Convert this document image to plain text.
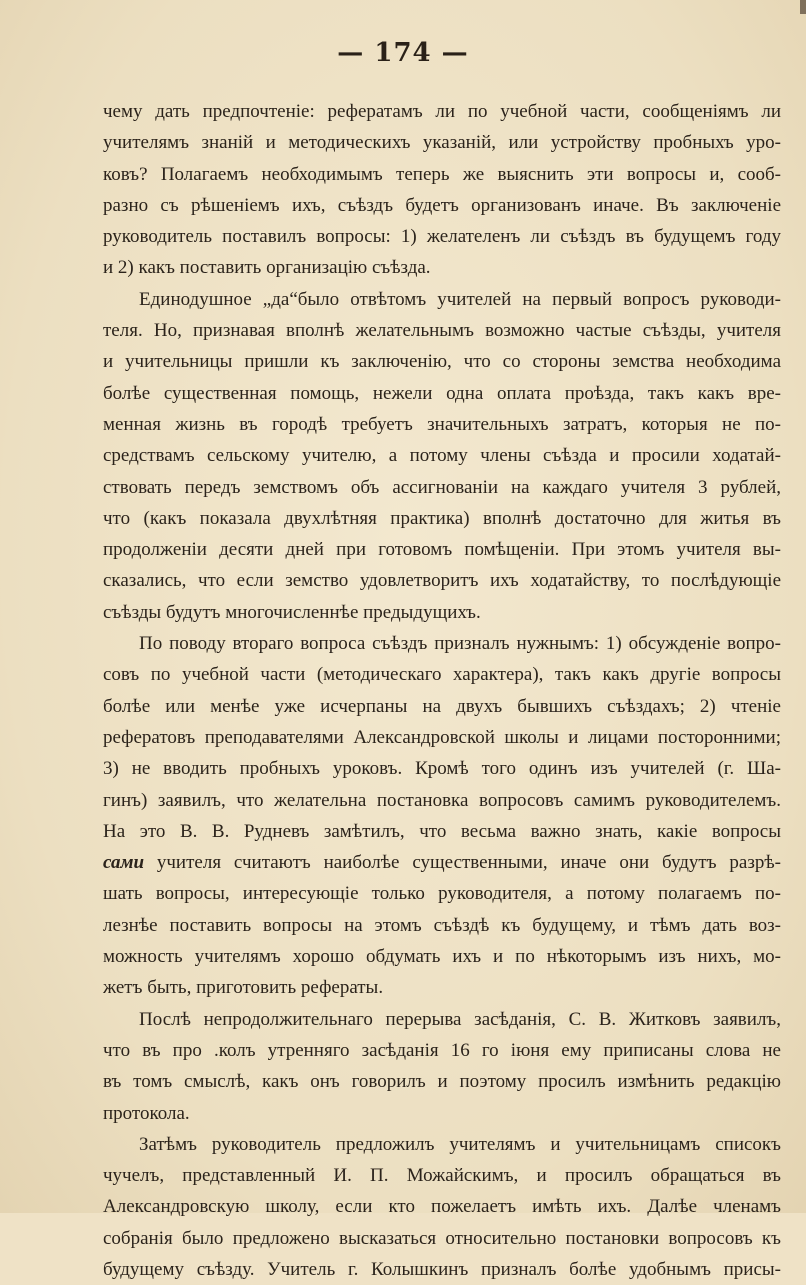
— 174 —
чему дать предпочтеніе: рефератамъ ли по учебной части, сообщеніямъ ли
учителямъ знаній и методическихъ указаній, или устройству пробныхъ уро-
ковъ? Полагаемъ необходимымъ теперь же выяснить эти вопросы и, сооб-
разно съ рѣшеніемъ ихъ, съѣздъ будетъ организованъ иначе. Въ заключеніе
руководитель поставилъ вопросы: 1) желателенъ ли съѣздъ въ будущемъ году
и 2) какъ поставить организацію съѣзда.
Единодушное „да“было отвѣтомъ учителей на первый вопросъ руководи-
теля. Но, признавая вполнѣ желательнымъ возможно частые съѣзды, учителя
и учительницы пришли къ заключенію, что со стороны земства необходима
болѣе существенная помощь, нежели одна оплата проѣзда, такъ какъ вре-
менная жизнь въ городѣ требуетъ значительныхъ затратъ, которыя не по-
средствамъ сельскому учителю, а потому члены съѣзда и просили ходатай-
ствовать передъ земствомъ объ ассигнованіи на каждаго учителя 3 рублей,
что (какъ показала двухлѣтняя практика) вполнѣ достаточно для житья въ
продолженіи десяти дней при готовомъ помѣщеніи. При этомъ учителя вы-
сказались, что если земство удовлетворитъ ихъ ходатайству, то послѣдующіе
съѣзды будутъ многочисленнѣе предыдущихъ.
По поводу втораго вопроса съѣздъ призналъ нужнымъ: 1) обсужденіе вопро-
совъ по учебной части (методическаго характера), такъ какъ другіе вопросы
болѣе или менѣе уже исчерпаны на двухъ бывшихъ съѣздахъ; 2) чтеніе
рефератовъ преподавателями Александровской школы и лицами посторонними;
3) не вводить пробныхъ уроковъ. Кромѣ того одинъ изъ учителей (г. Ша-
гинъ) заявилъ, что желательна постановка вопросовъ самимъ руководителемъ.
На это В. В. Рудневъ замѣтилъ, что весьма важно знать, какіе вопросы
сами учителя считаютъ наиболѣе существенными, иначе они будутъ разрѣ-
шать вопросы, интересующіе только руководителя, а потому полагаемъ по-
лезнѣе поставить вопросы на этомъ съѣздѣ къ будущему, и тѣмъ дать воз-
можность учителямъ хорошо обдумать ихъ и по нѣкоторымъ изъ нихъ, мо-
жетъ быть, приготовить рефераты.
Послѣ непродолжительнаго перерыва засѣданія, С. В. Житковъ заявилъ,
что въ про .колъ утренняго засѣданія 16 го іюня ему приписаны слова не
въ томъ смыслѣ, какъ онъ говорилъ и поэтому просилъ измѣнить редакцію
протокола.
Затѣмъ руководитель предложилъ учителямъ и учительницамъ списокъ
чучелъ, представленный И. П. Можайскимъ, и просилъ обращаться въ
Александровскую школу, если кто пожелаетъ имѣть ихъ. Далѣе членамъ
собранія было предложено высказаться относительно постановки вопросовъ къ
будущему съѣзду. Учитель г. Колышкинъ призналъ болѣе удобнымъ присы-
